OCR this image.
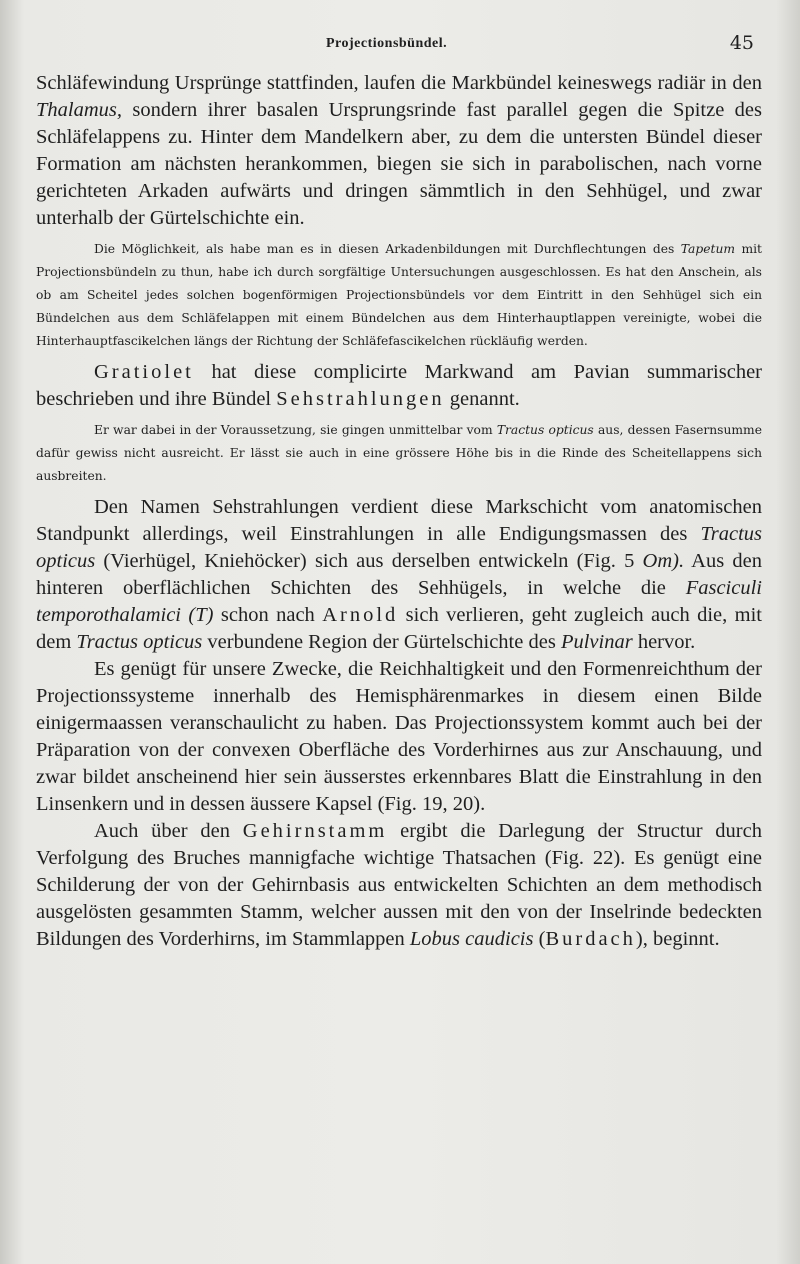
Projectionsbündel.	45

Schläfewindung Ursprünge stattfinden, laufen die Markbündel keineswegs radiär in den Thalamus, sondern ihrer basalen Ursprungsrinde fast parallel gegen die Spitze des Schläfelappens zu. Hinter dem Mandelkern aber, zu dem die untersten Bündel dieser Formation am nächsten herankommen, biegen sie sich in parabolischen, nach vorne gerichteten Arkaden aufwärts und dringen sämmtlich in den Sehhügel, und zwar unterhalb der Gürtelschichte ein.

Die Möglichkeit, als habe man es in diesen Arkadenbildungen mit Durchflechtungen des Tapetum mit Projectionsbündeln zu thun, habe ich durch sorgfältige Untersuchungen ausgeschlossen. Es hat den Anschein, als ob am Scheitel jedes solchen bogenförmigen Projectionsbündels vor dem Eintritt in den Sehhügel sich ein Bündelchen aus dem Schläfelappen mit einem Bündelchen aus dem Hinterhauptlappen vereinigte, wobei die Hinterhauptfascikelchen längs der Richtung der Schläfefascikelchen rückläufig werden.

Gratiolet hat diese complicirte Markwand am Pavian summarischer beschrieben und ihre Bündel Sehstrahlungen genannt.

Er war dabei in der Voraussetzung, sie gingen unmittelbar vom Tractus opticus aus, dessen Fasernsumme dafür gewiss nicht ausreicht. Er lässt sie auch in eine grössere Höhe bis in die Rinde des Scheitellappens sich ausbreiten.

Den Namen Sehstrahlungen verdient diese Markschicht vom anatomischen Standpunkt allerdings, weil Einstrahlungen in alle Endigungsmassen des Tractus opticus (Vierhügel, Kniehöcker) sich aus derselben entwickeln (Fig. 5 Om). Aus den hinteren oberflächlichen Schichten des Sehhügels, in welche die Fasciculi temporothalamici (T) schon nach Arnold sich verlieren, geht zugleich auch die, mit dem Tractus opticus verbundene Region der Gürtelschichte des Pulvinar hervor.

Es genügt für unsere Zwecke, die Reichhaltigkeit und den Formenreichthum der Projectionssysteme innerhalb des Hemisphärenmarkes in diesem einen Bilde einigermaassen veranschaulicht zu haben. Das Projectionssystem kommt auch bei der Präparation von der convexen Oberfläche des Vorderhirnes aus zur Anschauung, und zwar bildet anscheinend hier sein äusserstes erkennbares Blatt die Einstrahlung in den Linsenkern und in dessen äussere Kapsel (Fig. 19, 20).

Auch über den Gehirnstamm ergibt die Darlegung der Structur durch Verfolgung des Bruches mannigfache wichtige Thatsachen (Fig. 22). Es genügt eine Schilderung der von der Gehirnbasis aus entwickelten Schichten an dem methodisch ausgelösten gesammten Stamm, welcher aussen mit den von der Inselrinde bedeckten Bildungen des Vorderhirns, im Stammlappen Lobus caudicis (Burdach), beginnt.
